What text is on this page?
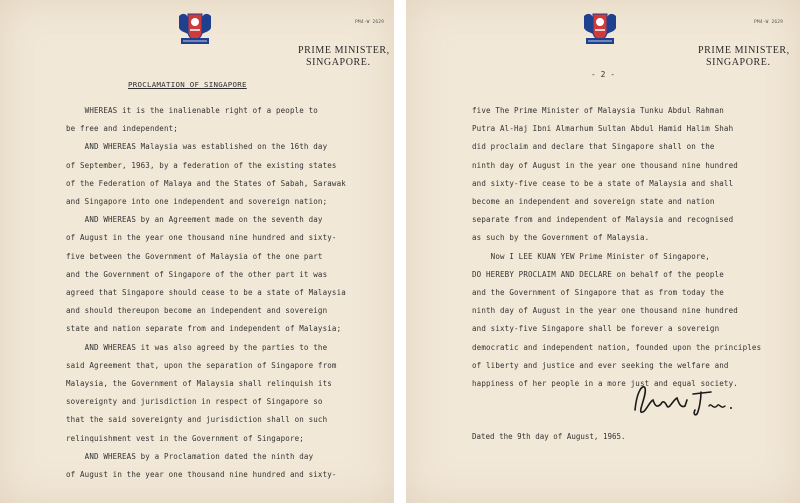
PM4-W 2629
PRIME MINISTER,
SINGAPORE.
PROCLAMATION OF SINGAPORE
WHEREAS it is the inalienable right of a people to
be free and independent;
AND WHEREAS Malaysia was established on the 16th day
of September, 1963, by a federation of the existing states
of the Federation of Malaya and the States of Sabah, Sarawak
and Singapore into one independent and sovereign nation;
AND WHEREAS by an Agreement made on the seventh day
of August in the year one thousand nine hundred and sixty-
five between the Government of Malaysia of the one part
and the Government of Singapore of the other part it was
agreed that Singapore should cease to be a state of Malaysia
and should thereupon become an independent and sovereign
state and nation separate from and independent of Malaysia;
AND WHEREAS it was also agreed by the parties to the
said Agreement that, upon the separation of Singapore from
Malaysia, the Government of Malaysia shall relinquish its
sovereignty and jurisdiction in respect of Singapore so
that the said sovereignty and jurisdiction shall on such
relinquishment vest in the Government of Singapore;
AND WHEREAS by a Proclamation dated the ninth day
of August in the year one thousand nine hundred and sixty-
PM4-W 2629
PRIME MINISTER,
SINGAPORE.
- 2 -
five The Prime Minister of Malaysia Tunku Abdul Rahman
Putra Al-Haj Ibni Almarhum Sultan Abdul Hamid Halim Shah
did proclaim and declare that Singapore shall on the
ninth day of August in the year one thousand nine hundred
and sixty-five cease to be a state of Malaysia and shall
become an independent and sovereign state and nation
separate from and independent of Malaysia and recognised
as such by the Government of Malaysia.
Now I LEE KUAN YEW Prime Minister of Singapore,
DO HEREBY PROCLAIM AND DECLARE on behalf of the people
and the Government of Singapore that as from today the
ninth day of August in the year one thousand nine hundred
and sixty-five Singapore shall be forever a sovereign
democratic and independent nation, founded upon the principles
of liberty and justice and ever seeking the welfare and
happiness of her people in a more just and equal society.
Dated the 9th day of August, 1965.
